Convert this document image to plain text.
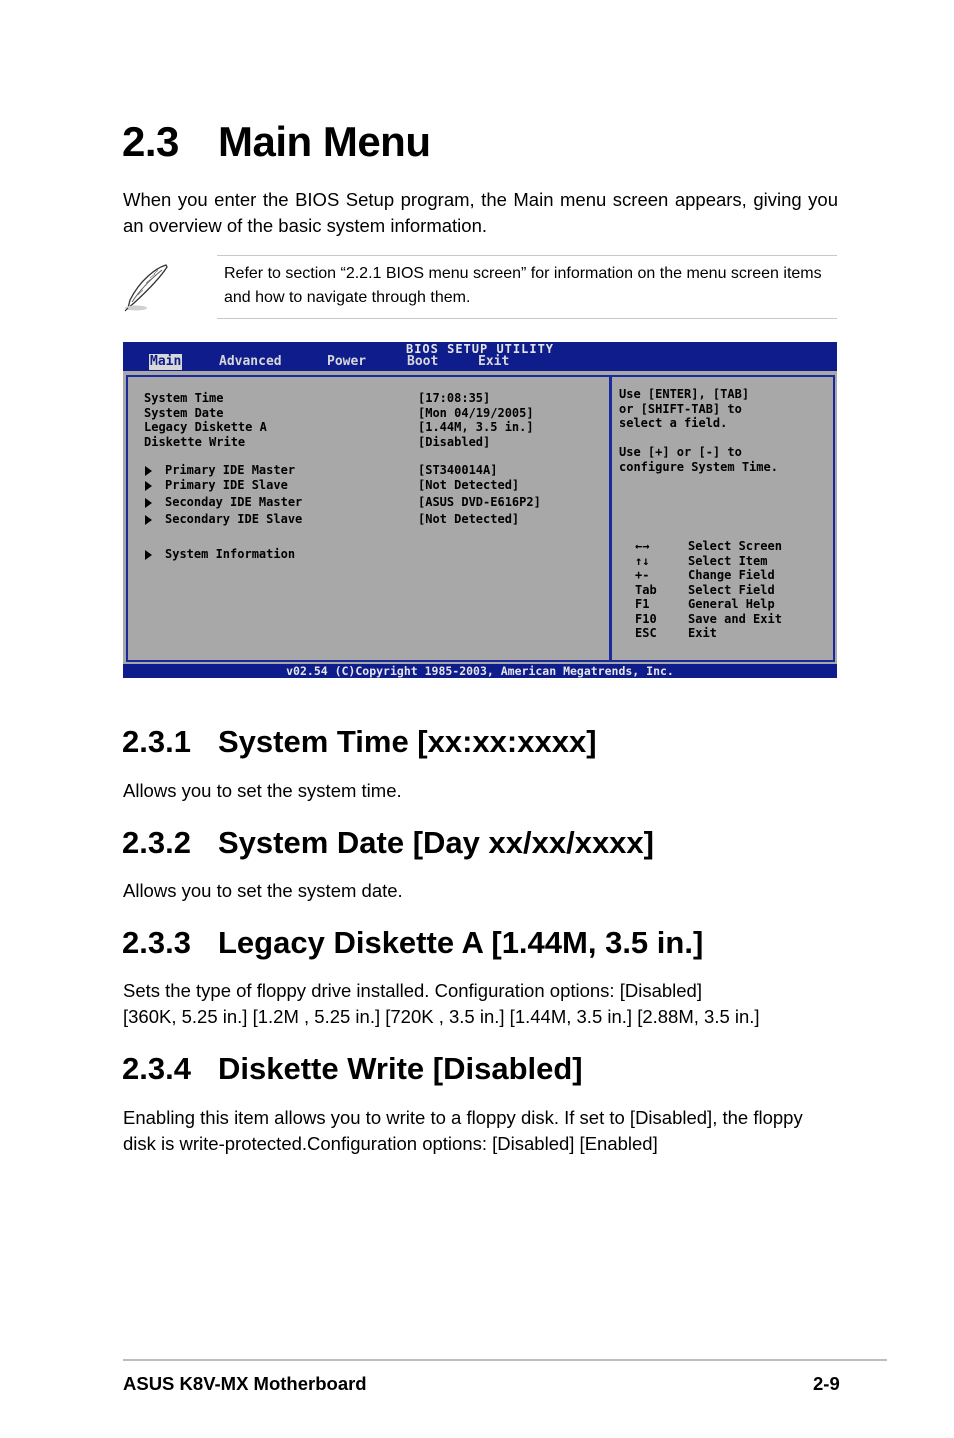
2.3 Main Menu

When you enter the BIOS Setup program, the Main menu screen appears, giving you an overview of the basic system information.

Refer to section “2.2.1 BIOS menu screen” for information on the menu screen items and how to navigate through them.

BIOS SETUP UTILITY
Main	Advanced	Power	Boot	Exit
System Time	[17:08:35]
System Date	[Mon 04/19/2005]
Legacy Diskette A	[1.44M, 3.5 in.]
Diskette Write	[Disabled]
Primary IDE Master	[ST340014A]
Primary IDE Slave	[Not Detected]
Seconday IDE Master	[ASUS DVD-E616P2]
Secondary IDE Slave	[Not Detected]
System Information
Use [ENTER], [TAB]
or [SHIFT-TAB] to
select a field.
Use [+] or [-] to
configure System Time.
←→	Select Screen
↑↓	Select Item
+-	Change Field
Tab	Select Field
F1	General Help
F10	Save and Exit
ESC	Exit
v02.54 (C)Copyright 1985-2003, American Megatrends, Inc.
2.3.1 System Time [xx:xx:xxxx]

Allows you to set the system time.

2.3.2 System Date [Day xx/xx/xxxx]

Allows you to set the system date.

2.3.3 Legacy Diskette A [1.44M, 3.5 in.]

Sets the type of floppy drive installed. Configuration options: [Disabled]

[360K, 5.25 in.] [1.2M , 5.25 in.] [720K , 3.5 in.] [1.44M, 3.5 in.] [2.88M, 3.5 in.]

2.3.4 Diskette Write [Disabled]

Enabling this item allows you to write to a floppy disk. If set to [Disabled], the floppy disk is write-protected.Configuration options: [Disabled] [Enabled]

ASUS K8V-MX Motherboard	2-9
